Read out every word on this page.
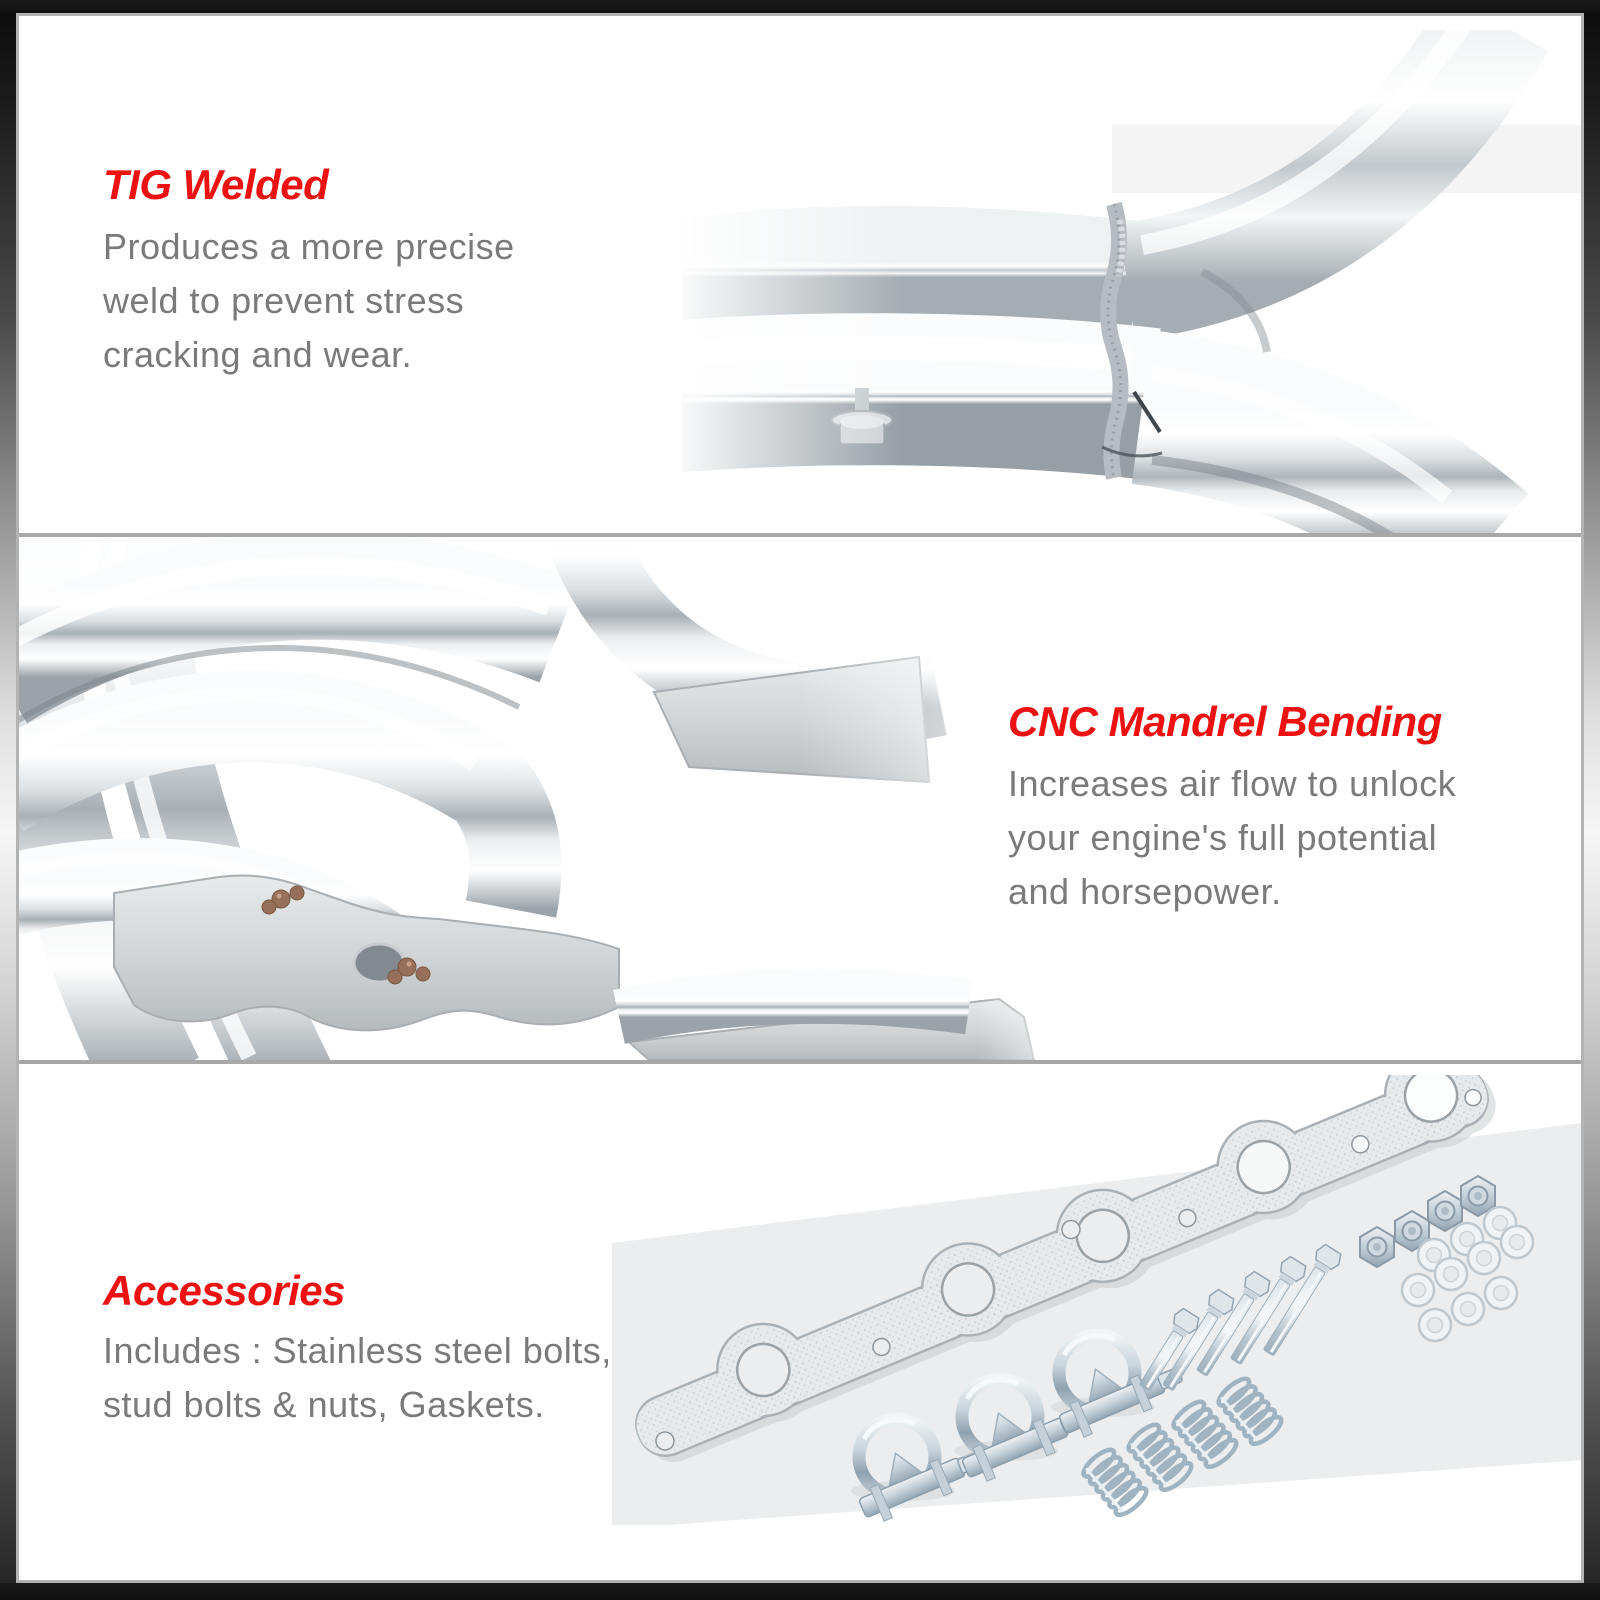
TIG Welded
Produces a more precise
weld to prevent stress
cracking and wear.
CNC Mandrel Bending
Increases air flow to unlock
your engine's full potential
and horsepower.
Accessories
Includes : Stainless steel bolts,
stud bolts & nuts, Gaskets.
